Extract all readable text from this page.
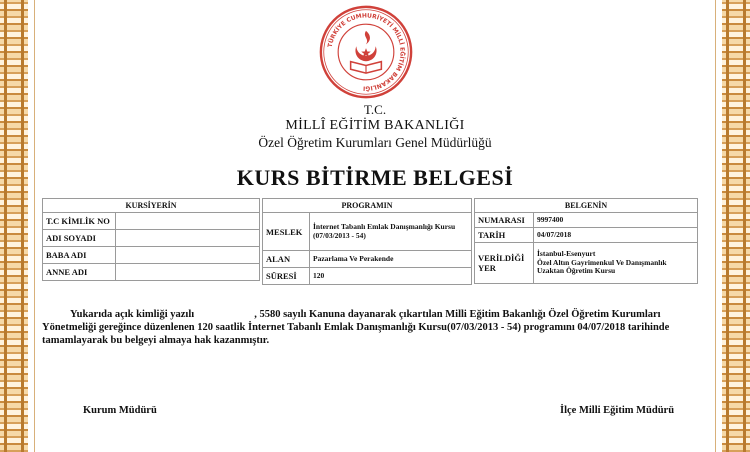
TÜRKİYE CUMHURİYETİ MİLLÎ EĞİTİM BAKANLIĞI
T.C.
MİLLÎ EĞİTİM BAKANLIĞI
Özel Öğretim Kurumları Genel Müdürlüğü
KURS BİTİRME BELGESİ
KURSİYERİN	
T.C KİMLİK NO	
ADI SOYADI	
BABA ADI	
ANNE ADI	
PROGRAMIN	
MESLEK	İnternet Tabanlı Emlak Danışmanlığı Kursu (07/03/2013 - 54)
ALAN	Pazarlama Ve Perakende
SÜRESİ	120
BELGENİN	
NUMARASI	9997400
TARİH	04/07/2018
VERİLDİĞİ YER	İstanbul-Esenyurt
Özel Altın Gayrimenkul Ve Danışmanlık
Uzaktan Öğretim Kursu
Yukarıda açık kimliği yazılı	, 5580 sayılı Kanuna dayanarak çıkartılan Milli Eğitim Bakanlığı Özel Öğretim Kurumları Yönetmeliği gereğince düzenlenen 120 saatlik İnternet Tabanlı Emlak Danışmanlığı Kursu(07/03/2013 - 54) programını 04/07/2018 tarihinde tamamlayarak bu belgeyi almaya hak kazanmıştır.
Kurum Müdürü	İlçe Milli Eğitim Müdürü
